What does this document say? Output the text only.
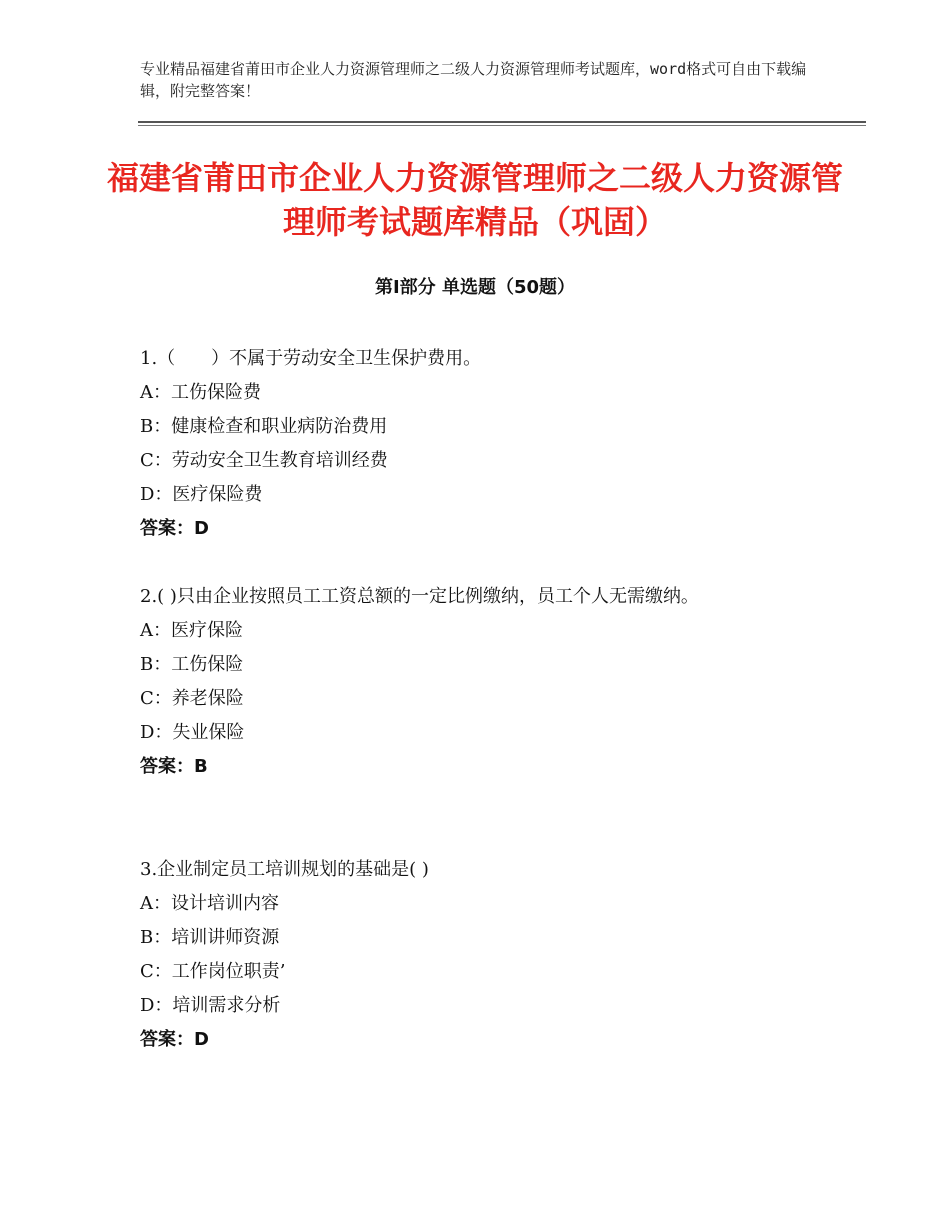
专业精品福建省莆田市企业人力资源管理师之二级人力资源管理师考试题库，word格式可自由下载编辑，附完整答案！
福建省莆田市企业人力资源管理师之二级人力资源管理师考试题库精品（巩固）
第Ⅰ部分 单选题（50题）

1.（　　）不属于劳动安全卫生保护费用。

A：工伤保险费

B：健康检查和职业病防治费用

C：劳动安全卫生教育培训经费

D：医疗保险费

答案：D

2.( )只由企业按照员工工资总额的一定比例缴纳，员工个人无需缴纳。

A：医疗保险

B：工伤保险

C：养老保险

D：失业保险

答案：B

3.企业制定员工培训规划的基础是( )

A：设计培训内容

B：培训讲师资源

C：工作岗位职责’

D：培训需求分析

答案：D
